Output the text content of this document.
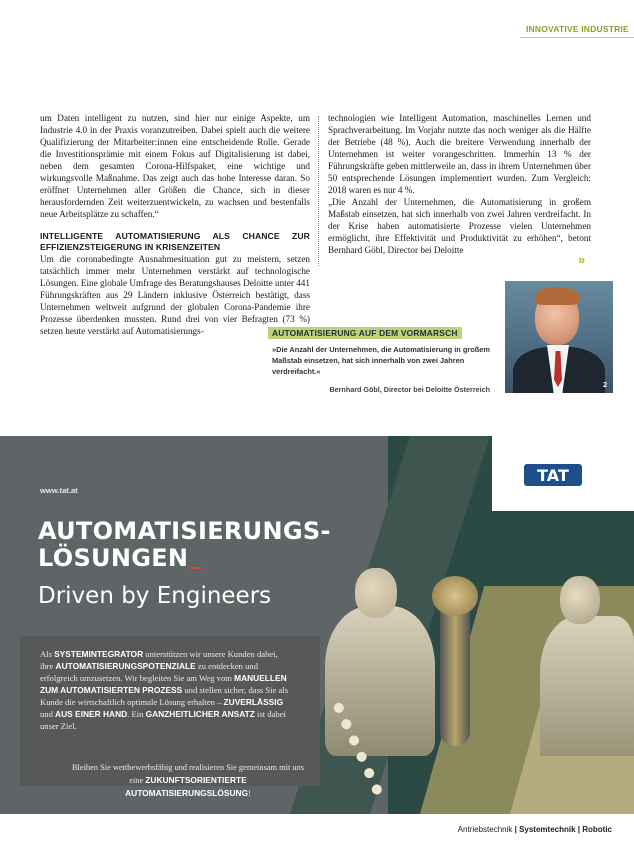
INNOVATIVE INDUSTRIE

um Daten intelligent zu nutzen, sind hier nur einige Aspekte, um Industrie 4.0 in der Praxis voranzutreiben. Dabei spielt auch die weitere Qualifizierung der Mitarbeiter:innen eine entscheidende Rolle. Gerade die Investitionsprämie mit einem Fokus auf Digitalisierung ist dabei, neben dem gesamten Corona-Hilfspaket, eine wichtige und wirkungsvolle Maßnahme. Das zeigt auch das hohe Interesse daran. So eröffnet Unternehmen aller Größen die Chance, sich in dieser herausfordernden Zeit weiterzuentwickeln, zu wachsen und bestenfalls neue Arbeitsplätze zu schaffen.“

INTELLIGENTE AUTOMATISIERUNG ALS CHANCE ZUR EFFIZIENZSTEIGERUNG IN KRISENZEITEN

Um die coronabedingte Ausnahmesituation gut zu meistern, setzen tatsächlich immer mehr Unternehmen verstärkt auf technologische Lösungen. Eine globale Umfrage des Beratungshauses Deloitte unter 441 Führungskräften aus 29 Ländern inklusive Österreich bestätigt, dass Unternehmen weltweit aufgrund der globalen Corona-Pandemie ihre Prozesse überdenken mussten. Rund drei von vier Befragten (73 %) setzen heute verstärkt auf Automatisierungs-

technologien wie Intelligent Automation, maschinelles Lernen und Sprachverarbeitung. Im Vorjahr nutzte das noch weniger als die Hälfte der Betriebe (48 %). Auch die breitere Verwendung innerhalb der Unternehmen ist weiter vorangeschritten. Immerhin 13 % der Führungskräfte geben mittlerweile an, dass in ihrem Unternehmen über 50 entsprechende Lösungen implementiert wurden. Zum Vergleich: 2018 waren es nur 4 %.

„Die Anzahl der Unternehmen, die Automatisierung in großem Maßstab einsetzen, hat sich innerhalb von zwei Jahren verdreifacht. In der Krise haben automatisierte Prozesse vielen Unternehmen ermöglicht, ihre Effektivität und Produktivität zu erhöhen“, betont Bernhard Göbl, Director bei Deloitte

»
2
AUTOMATISIERUNG AUF DEM VORMARSCH
»Die Anzahl der Unternehmen, die Automatisierung in großem Maßstab einsetzen, hat sich innerhalb von zwei Jahren verdreifacht.«
Bernhard Göbl, Director bei Deloitte Österreich
TAT
www.tat.at
AUTOMATISIERUNGS-
LÖSUNGEN
Driven by Engineers
Als SYSTEMINTEGRATOR unterstützen wir unsere Kunden dabei, ihre AUTOMATISIERUNGSPOTENZIALE zu entdecken und erfolgreich umzusetzen. Wir begleiten Sie am Weg vom MANUELLEN ZUM AUTOMATISIERTEN PROZESS und stellen sicher, dass Sie als Kunde die wirtschaftlich optimale Lösung erhalten – ZUVERLÄSSIG und AUS EINER HAND. Ein GANZHEITLICHER ANSATZ ist dabei unser Ziel.
Bleiben Sie wettbewerbsfähig und realisieren Sie gemeinsam mit uns eine ZUKUNFTSORIENTIERTE AUTOMATISIERUNGSLÖSUNG!
Antriebstechnik | Systemtechnik | Robotic
